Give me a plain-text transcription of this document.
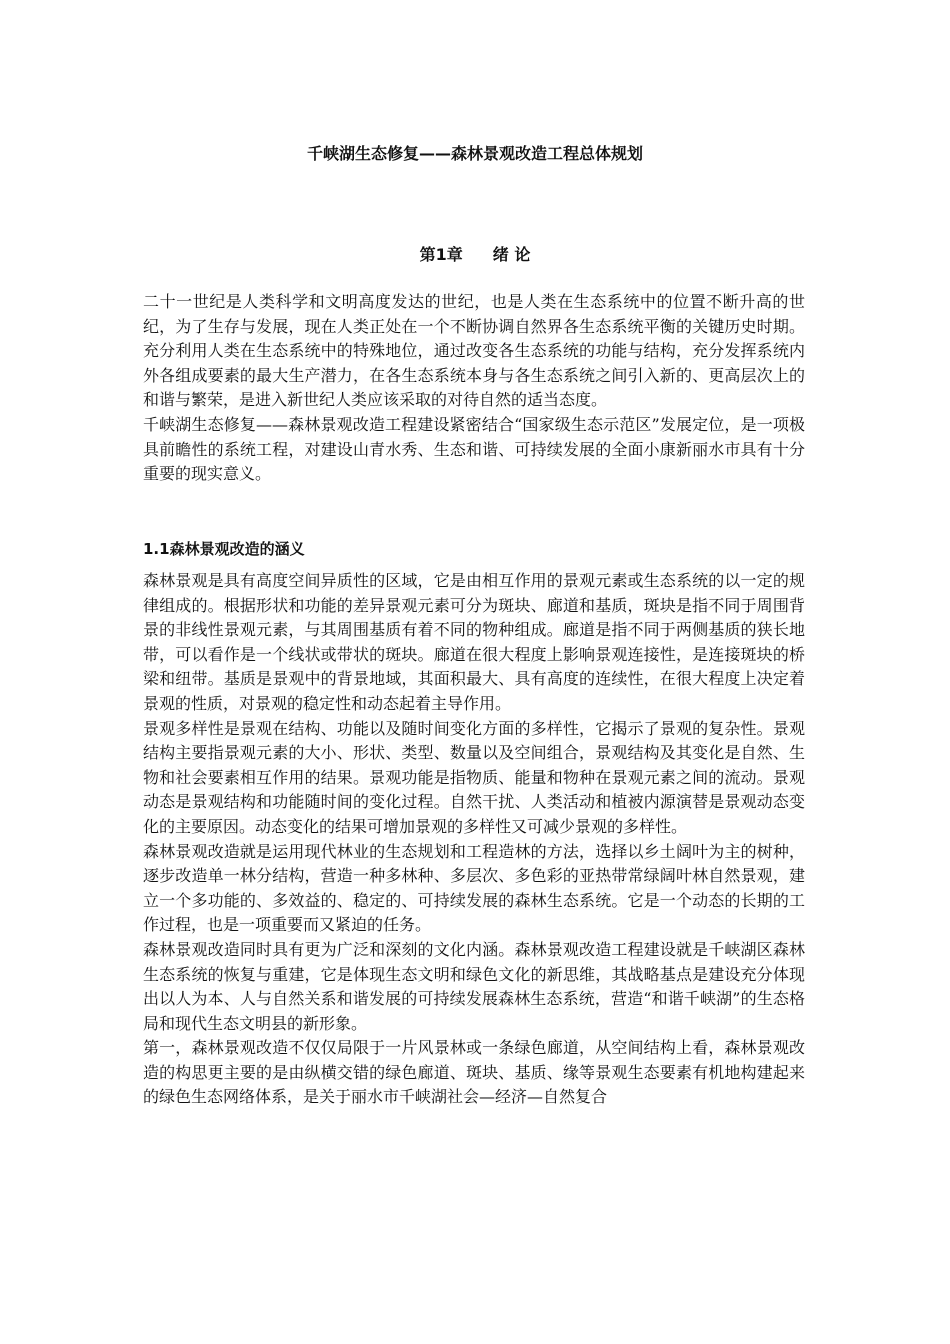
千峡湖生态修复——森林景观改造工程总体规划
第1章 绪 论

二十一世纪是人类科学和文明高度发达的世纪，也是人类在生态系统中的位置不断升高的世纪，为了生存与发展，现在人类正处在一个不断协调自然界各生态系统平衡的关键历史时期。充分利用人类在生态系统中的特殊地位，通过改变各生态系统的功能与结构，充分发挥系统内外各组成要素的最大生产潜力，在各生态系统本身与各生态系统之间引入新的、更高层次上的和谐与繁荣，是进入新世纪人类应该采取的对待自然的适当态度。

千峡湖生态修复——森林景观改造工程建设紧密结合“国家级生态示范区”发展定位，是一项极具前瞻性的系统工程，对建设山青水秀、生态和谐、可持续发展的全面小康新丽水市具有十分重要的现实意义。

1.1森林景观改造的涵义

森林景观是具有高度空间异质性的区域，它是由相互作用的景观元素或生态系统的以一定的规律组成的。根据形状和功能的差异景观元素可分为斑块、廊道和基质，斑块是指不同于周围背景的非线性景观元素，与其周围基质有着不同的物种组成。廊道是指不同于两侧基质的狭长地带，可以看作是一个线状或带状的斑块。廊道在很大程度上影响景观连接性，是连接斑块的桥梁和纽带。基质是景观中的背景地域，其面积最大、具有高度的连续性，在很大程度上决定着景观的性质，对景观的稳定性和动态起着主导作用。

景观多样性是景观在结构、功能以及随时间变化方面的多样性，它揭示了景观的复杂性。景观结构主要指景观元素的大小、形状、类型、数量以及空间组合，景观结构及其变化是自然、生物和社会要素相互作用的结果。景观功能是指物质、能量和物种在景观元素之间的流动。景观动态是景观结构和功能随时间的变化过程。自然干扰、人类活动和植被内源演替是景观动态变化的主要原因。动态变化的结果可增加景观的多样性又可减少景观的多样性。

森林景观改造就是运用现代林业的生态规划和工程造林的方法，选择以乡土阔叶为主的树种，逐步改造单一林分结构，营造一种多林种、多层次、多色彩的亚热带常绿阔叶林自然景观，建立一个多功能的、多效益的、稳定的、可持续发展的森林生态系统。它是一个动态的长期的工作过程，也是一项重要而又紧迫的任务。

森林景观改造同时具有更为广泛和深刻的文化内涵。森林景观改造工程建设就是千峡湖区森林生态系统的恢复与重建，它是体现生态文明和绿色文化的新思维，其战略基点是建设充分体现出以人为本、人与自然关系和谐发展的可持续发展森林生态系统，营造“和谐千峡湖”的生态格局和现代生态文明县的新形象。

第一，森林景观改造不仅仅局限于一片风景林或一条绿色廊道，从空间结构上看，森林景观改造的构思更主要的是由纵横交错的绿色廊道、斑块、基质、缘等景观生态要素有机地构建起来的绿色生态网络体系，是关于丽水市千峡湖社会—经济—自然复合
